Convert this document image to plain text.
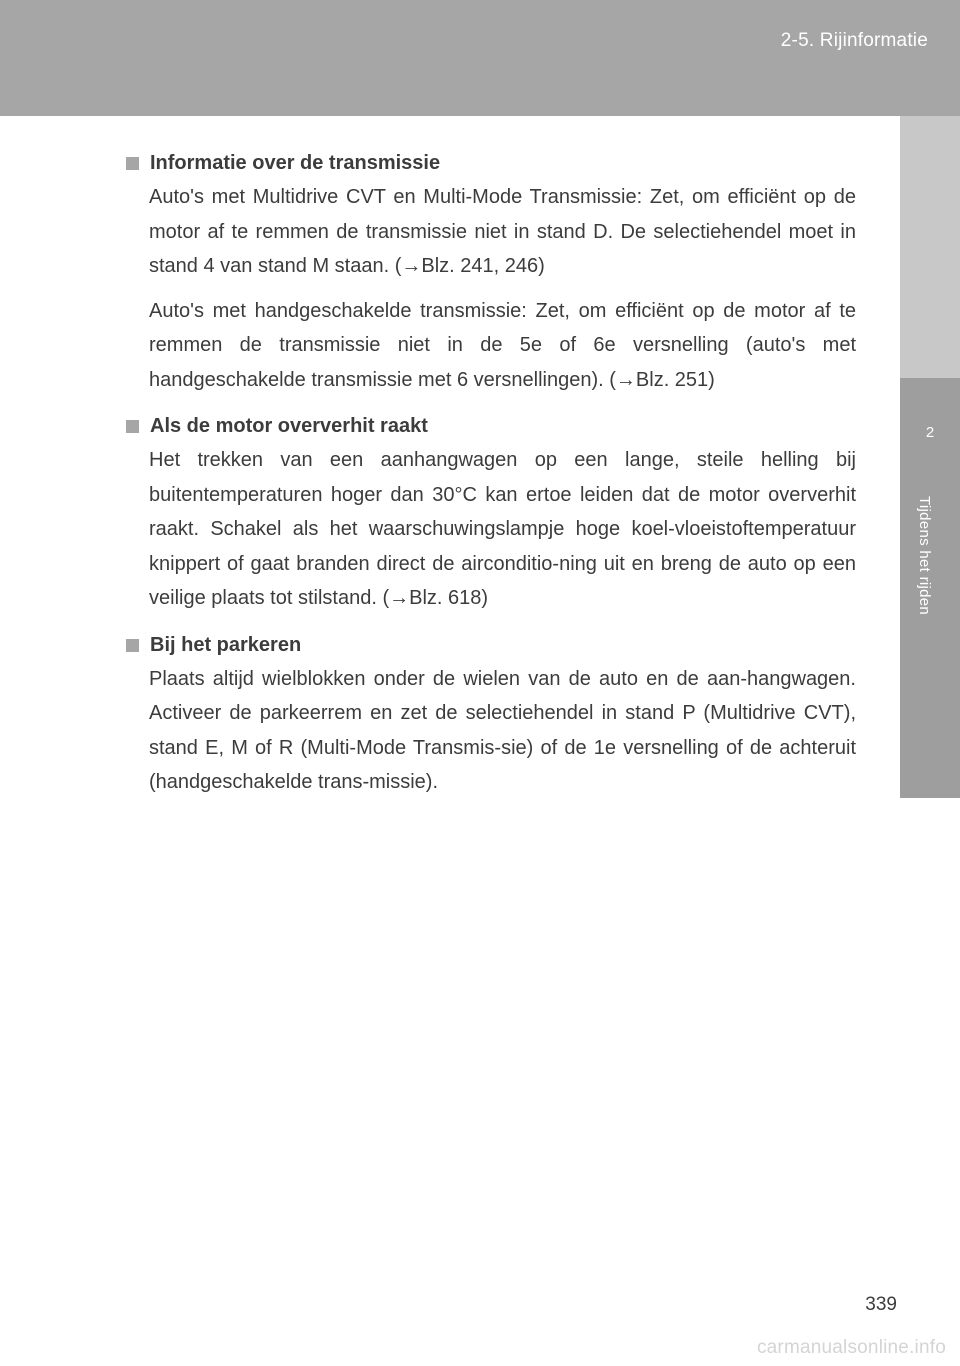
2-5. Rijinformatie
2
Tijdens het rijden
Informatie over de transmissie

Auto's met Multidrive CVT en Multi-Mode Transmissie: Zet, om efficiënt op de motor af te remmen de transmissie niet in stand D. De selectiehendel moet in stand 4 van stand M staan. (→Blz. 241, 246)

Auto's met handgeschakelde transmissie: Zet, om efficiënt op de motor af te remmen de transmissie niet in de 5e of 6e versnelling (auto's met handgeschakelde transmissie met 6 versnellingen). (→Blz. 251)

Als de motor oververhit raakt

Het trekken van een aanhangwagen op een lange, steile helling bij buitentemperaturen hoger dan 30°C kan ertoe leiden dat de motor oververhit raakt. Schakel als het waarschuwingslampje hoge koel-vloeistoftemperatuur knippert of gaat branden direct de airconditio-ning uit en breng de auto op een veilige plaats tot stilstand. (→Blz. 618)

Bij het parkeren

Plaats altijd wielblokken onder de wielen van de auto en de aan-hangwagen. Activeer de parkeerrem en zet de selectiehendel in stand P (Multidrive CVT), stand E, M of R (Multi-Mode Transmis-sie) of de 1e versnelling of de achteruit (handgeschakelde trans-missie).

339
carmanualsonline.info
